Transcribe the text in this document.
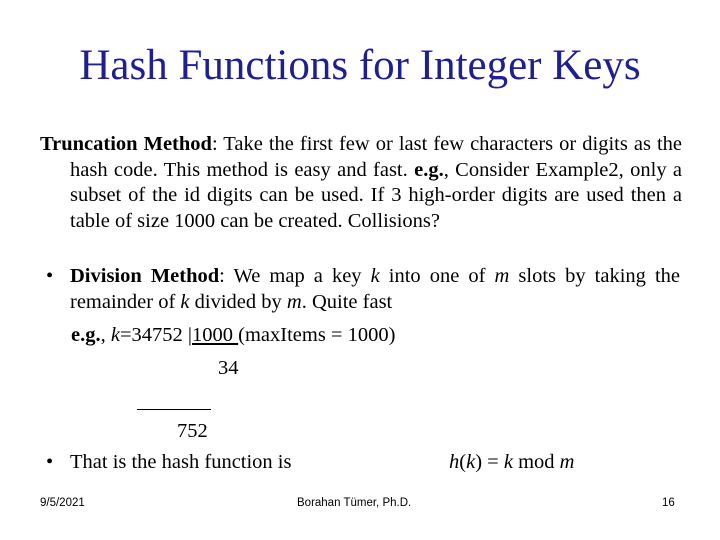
Hash Functions for Integer Keys
Truncation Method: Take the first few or last few characters or digits as the hash code. This method is easy and fast. e.g., Consider Example2, only a subset of the id digits can be used. If 3 high-order digits are used then a table of size 1000 can be created. Collisions?
• Division Method: We map a key k into one of m slots by taking the remainder of k divided by m. Quite fast
e.g., k=34752 |1000 (maxItems = 1000)
34
752
• That is the hash function is	h(k) = k mod m
9/5/2021	Borahan Tümer, Ph.D.	16
